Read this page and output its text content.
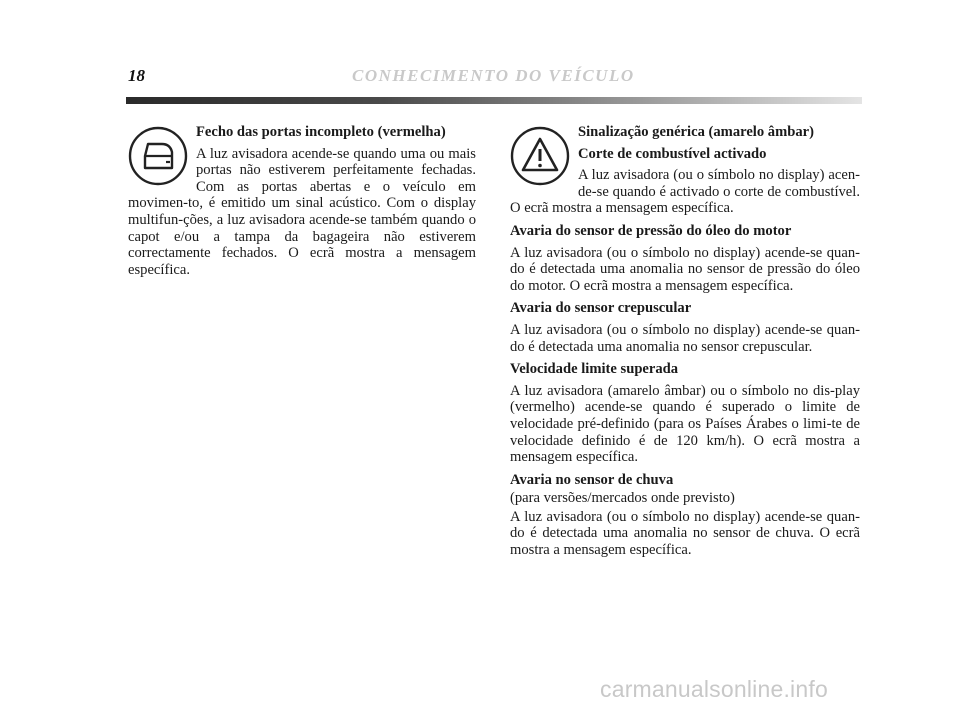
18	CONHECIMENTO DO VEÍCULO
Fecho das portas incompleto (vermelha)

A luz avisadora acende-se quando uma ou mais portas não estiverem perfeitamente fechadas. Com as portas abertas e o veículo em movimen-to, é emitido um sinal acústico. Com o display multifun-ções, a luz avisadora acende-se também quando o capot e/ou a tampa da bagageira não estiverem correctamente fechados. O ecrã mostra a mensagem específica.

Sinalização genérica (amarelo âmbar)
Corte de combustível activado

A luz avisadora (ou o símbolo no display) acen-de-se quando é activado o corte de combustível. O ecrã mostra a mensagem específica.

Avaria do sensor de pressão do óleo do motor

A luz avisadora (ou o símbolo no display) acende-se quan-do é detectada uma anomalia no sensor de pressão do óleo do motor. O ecrã mostra a mensagem específica.

Avaria do sensor crepuscular

A luz avisadora (ou o símbolo no display) acende-se quan-do é detectada uma anomalia no sensor crepuscular.

Velocidade limite superada

A luz avisadora (amarelo âmbar) ou o símbolo no dis-play (vermelho) acende-se quando é superado o limite de velocidade pré-definido (para os Países Árabes o limi-te de velocidade definido é de 120 km/h). O ecrã mostra a mensagem específica.

Avaria no sensor de chuva

(para versões/mercados onde previsto)

A luz avisadora (ou o símbolo no display) acende-se quan-do é detectada uma anomalia no sensor de chuva. O ecrã mostra a mensagem específica.

carmanualsonline.info
